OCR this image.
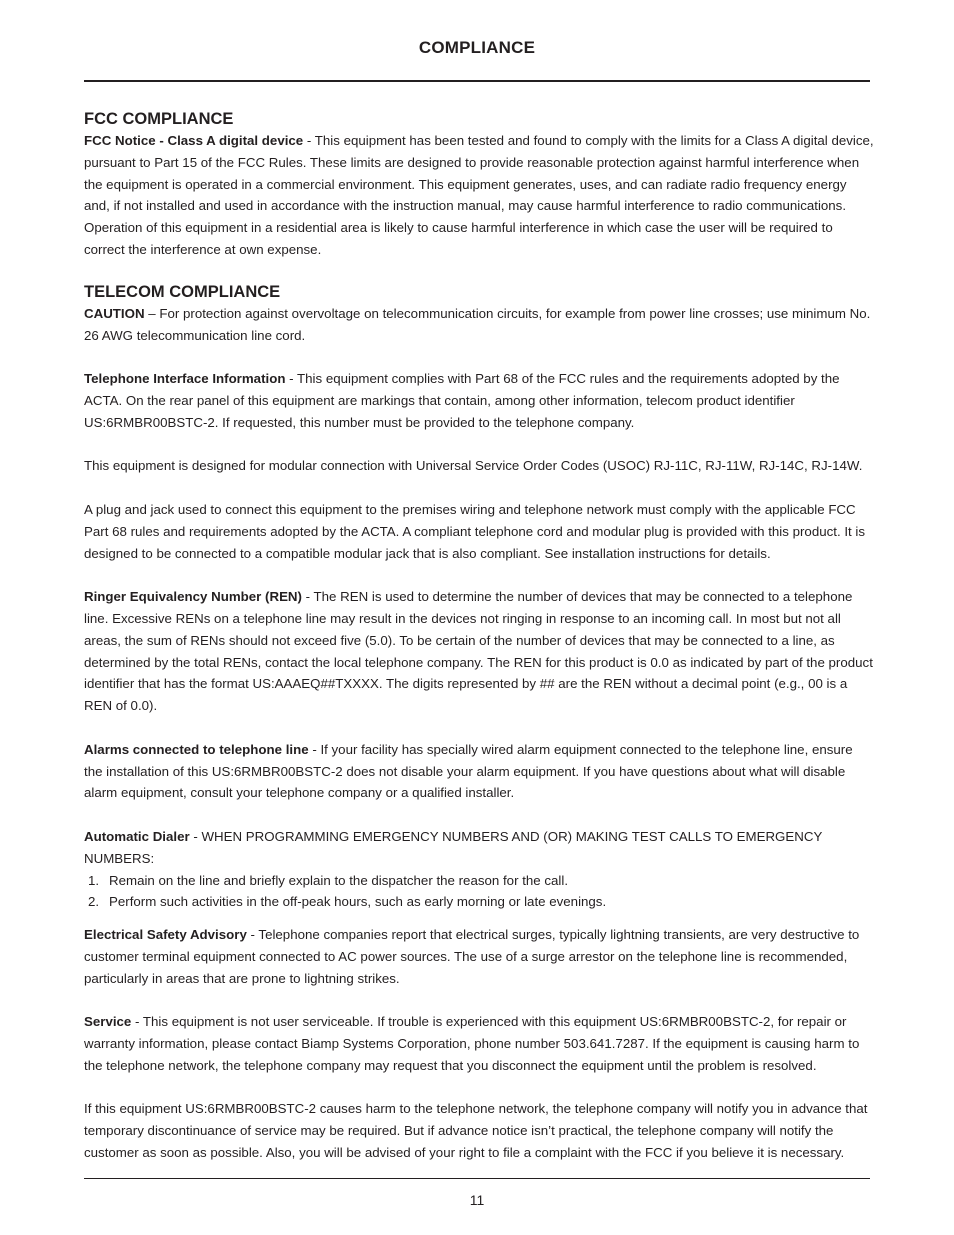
COMPLIANCE
FCC COMPLIANCE

FCC Notice - Class A digital device - This equipment has been tested and found to comply with the limits for a Class A digital device, pursuant to Part 15 of the FCC Rules. These limits are designed to provide reasonable protection against harmful interference when the equipment is operated in a commercial environment. This equipment generates, uses, and can radiate radio frequency energy and, if not installed and used in accordance with the instruction manual, may cause harmful interference to radio communications. Operation of this equipment in a residential area is likely to cause harmful interference in which case the user will be required to correct the interference at own expense.

TELECOM COMPLIANCE

CAUTION – For protection against overvoltage on telecommunication circuits, for example from power line crosses; use minimum No. 26 AWG telecommunication line cord.

Telephone Interface Information - This equipment complies with Part 68 of the FCC rules and the requirements adopted by the ACTA. On the rear panel of this equipment are markings that contain, among other information, telecom product identifier US:6RMBR00BSTC-2. If requested, this number must be provided to the telephone company.

This equipment is designed for modular connection with Universal Service Order Codes (USOC) RJ-11C, RJ-11W, RJ-14C, RJ-14W.

A plug and jack used to connect this equipment to the premises wiring and telephone network must comply with the applicable FCC Part 68 rules and requirements adopted by the ACTA. A compliant telephone cord and modular plug is provided with this product. It is designed to be connected to a compatible modular jack that is also compliant. See installation instructions for details.

Ringer Equivalency Number (REN) - The REN is used to determine the number of devices that may be connected to a telephone line. Excessive RENs on a telephone line may result in the devices not ringing in response to an incoming call. In most but not all areas, the sum of RENs should not exceed five (5.0). To be certain of the number of devices that may be connected to a line, as determined by the total RENs, contact the local telephone company. The REN for this product is 0.0 as indicated by part of the product identifier that has the format US:AAAEQ##TXXXX. The digits represented by ## are the REN without a decimal point (e.g., 00 is a REN of 0.0).

Alarms connected to telephone line - If your facility has specially wired alarm equipment connected to the telephone line, ensure the installation of this US:6RMBR00BSTC-2 does not disable your alarm equipment. If you have questions about what will disable alarm equipment, consult your telephone company or a qualified installer.

Automatic Dialer - WHEN PROGRAMMING EMERGENCY NUMBERS AND (OR) MAKING TEST CALLS TO EMERGENCY NUMBERS:

1. Remain on the line and briefly explain to the dispatcher the reason for the call.
2. Perform such activities in the off-peak hours, such as early morning or late evenings.

Electrical Safety Advisory - Telephone companies report that electrical surges, typically lightning transients, are very destructive to customer terminal equipment connected to AC power sources. The use of a surge arrestor on the telephone line is recommended, particularly in areas that are prone to lightning strikes.

Service - This equipment is not user serviceable. If trouble is experienced with this equipment US:6RMBR00BSTC-2, for repair or warranty information, please contact Biamp Systems Corporation, phone number 503.641.7287. If the equipment is causing harm to the telephone network, the telephone company may request that you disconnect the equipment until the problem is resolved.

If this equipment US:6RMBR00BSTC-2 causes harm to the telephone network, the telephone company will notify you in advance that temporary discontinuance of service may be required. But if advance notice isn’t practical, the telephone company will notify the customer as soon as possible. Also, you will be advised of your right to file a complaint with the FCC if you believe it is necessary.

11
